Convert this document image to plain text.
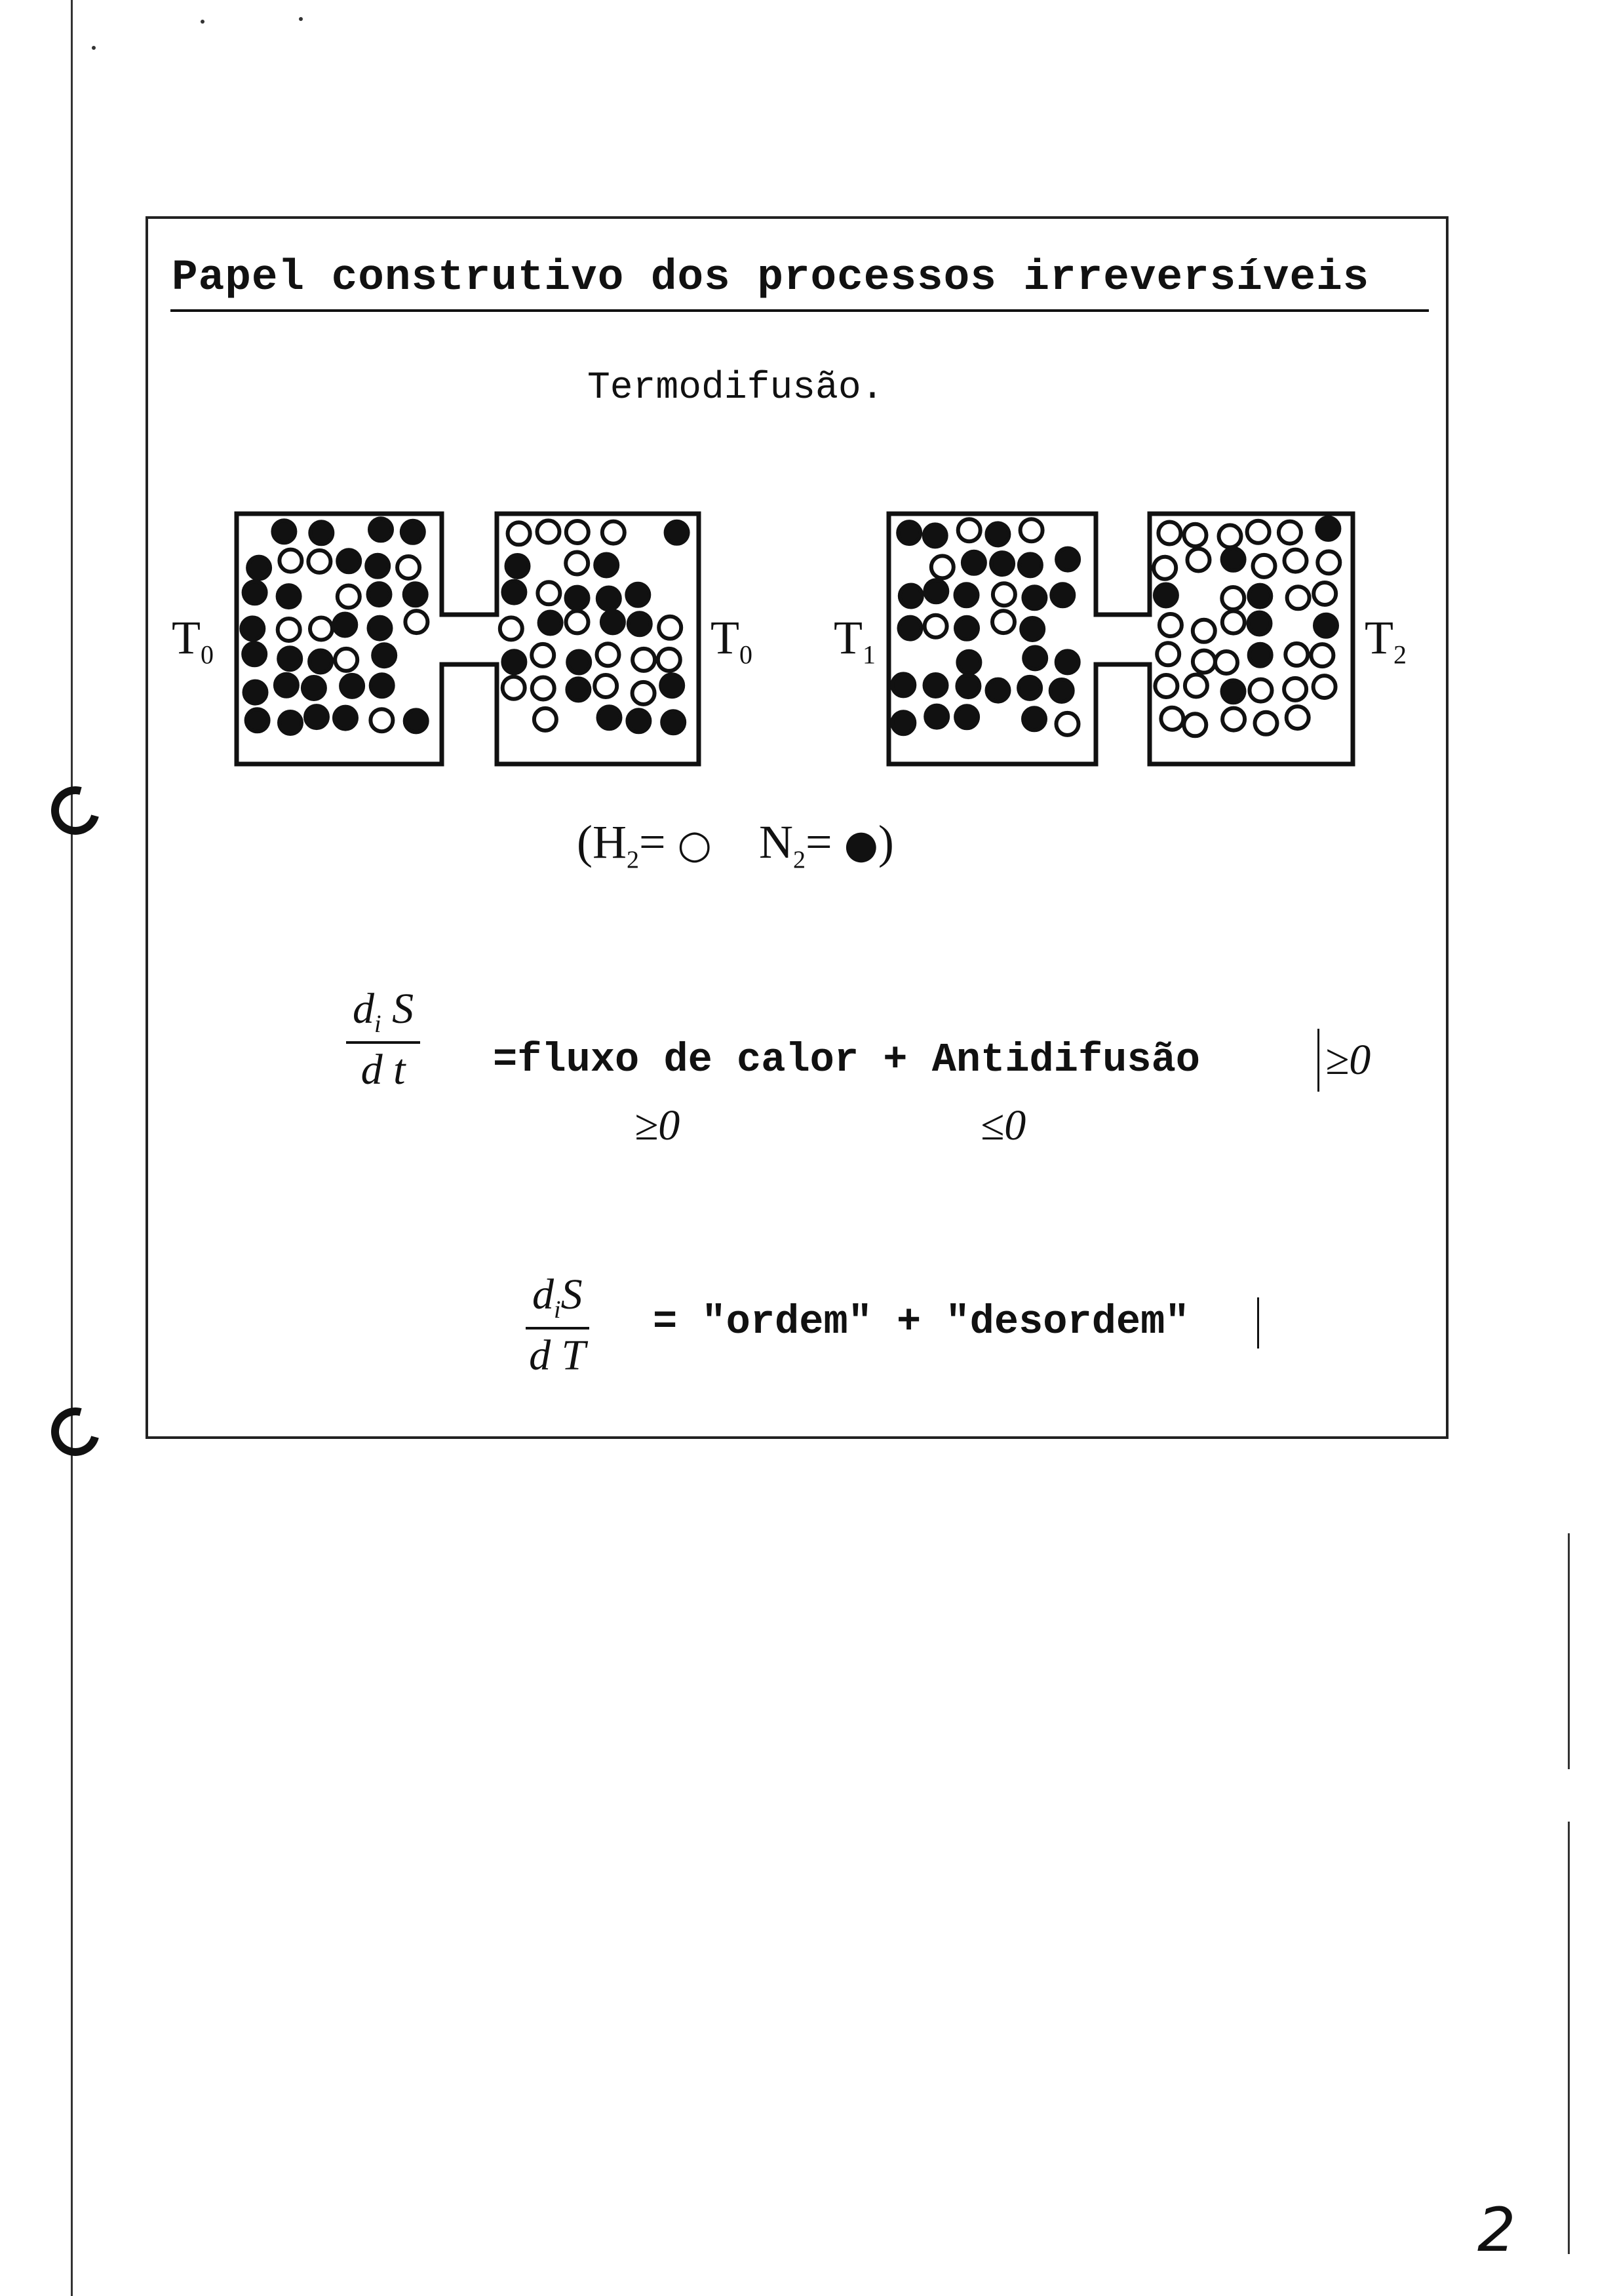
Papel construtivo dos processos irreversíveis
Termodifusão.
$T_0$	$T_0$ $T_1$	$T_2$
($H_2=$ ○ $N_2=$ ●)
$\frac{d_i S}{\text{d t}}$ =fluxo de calor + Antidifusão	≥0
≥0	≤0
$d_iS$
d T
= "ordem" + "desordem"
2
